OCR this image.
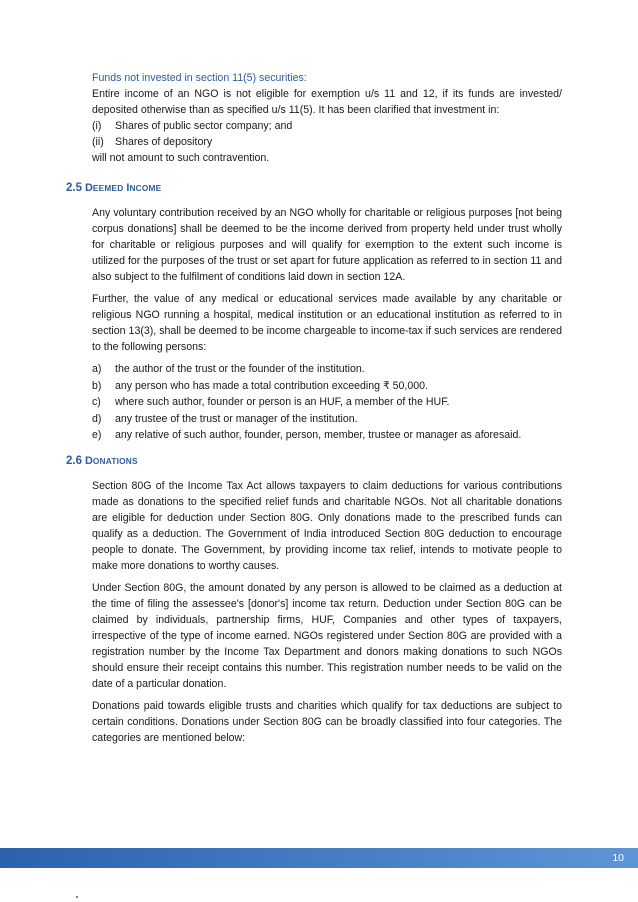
Funds not invested in section 11(5) securities:

Entire income of an NGO is not eligible for exemption u/s 11 and 12, if its funds are invested/ deposited otherwise than as specified u/s 11(5). It has been clarified that investment in:

(i)	Shares of public sector company; and
(ii)	Shares of depository

will not amount to such contravention.

2.5 DEEMED INCOME

Any voluntary contribution received by an NGO wholly for charitable or religious purposes [not being corpus donations] shall be deemed to be the income derived from property held under trust wholly for charitable or religious purposes and will qualify for exemption to the extent such income is utilized for the purposes of the trust or set apart for future application as referred to in section 11 and also subject to the fulfilment of conditions laid down in section 12A.

Further, the value of any medical or educational services made available by any charitable or religious NGO running a hospital, medical institution or an educational institution as referred to in section 13(3), shall be deemed to be income chargeable to income-tax if such services are rendered to the following persons:

a)	the author of the trust or the founder of the institution.
b)	any person who has made a total contribution exceeding ₹ 50,000.
c)	where such author, founder or person is an HUF, a member of the HUF.
d)	any trustee of the trust or manager of the institution.
e)	any relative of such author, founder, person, member, trustee or manager as aforesaid.

2.6 DONATIONS

Section 80G of the Income Tax Act allows taxpayers to claim deductions for various contributions made as donations to the specified relief funds and charitable NGOs. Not all charitable donations are eligible for deduction under Section 80G. Only donations made to the prescribed funds can qualify as a deduction. The Government of India introduced Section 80G deduction to encourage people to donate. The Government, by providing income tax relief, intends to motivate people to make more donations to worthy causes.

Under Section 80G, the amount donated by any person is allowed to be claimed as a deduction at the time of filing the assessee's [donor's] income tax return. Deduction under Section 80G can be claimed by individuals, partnership firms, HUF, Companies and other types of taxpayers, irrespective of the type of income earned. NGOs registered under Section 80G are provided with a registration number by the Income Tax Department and donors making donations to such NGOs should ensure their receipt contains this number. This registration number needs to be valid on the date of a particular donation.

Donations paid towards eligible trusts and charities which qualify for tax deductions are subject to certain conditions. Donations under Section 80G can be broadly classified into four categories. The categories are mentioned below:

10
